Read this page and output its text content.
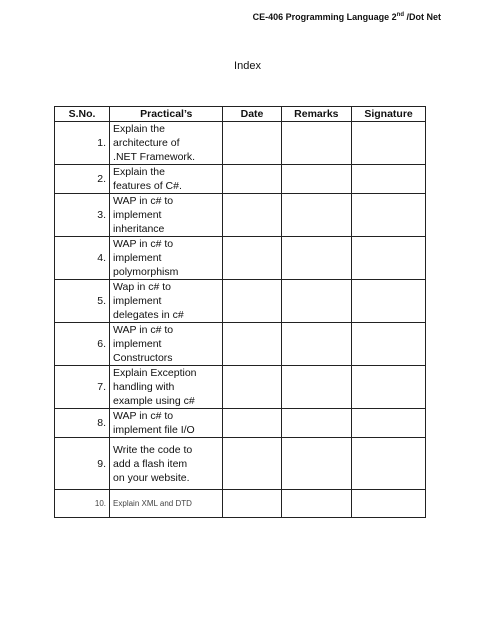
CE-406 Programming Language 2nd /Dot Net
Index
S.No.	Practical’s	Date	Remarks	Signature
1.	Explain the
architecture of
.NET Framework.			

2.	Explain the
features of C#.			

3.	WAP in c# to
implement
inheritance			

4.	WAP in c# to
implement
polymorphism			

5.	Wap in c# to
implement
delegates in c#			

6.	WAP in c# to
implement
Constructors			

7.	Explain Exception
handling with
example using c#			

8.	WAP in c# to
implement file I/O			

9.	Write the code to
add a flash item
on your website.			

10.	Explain XML and DTD			
